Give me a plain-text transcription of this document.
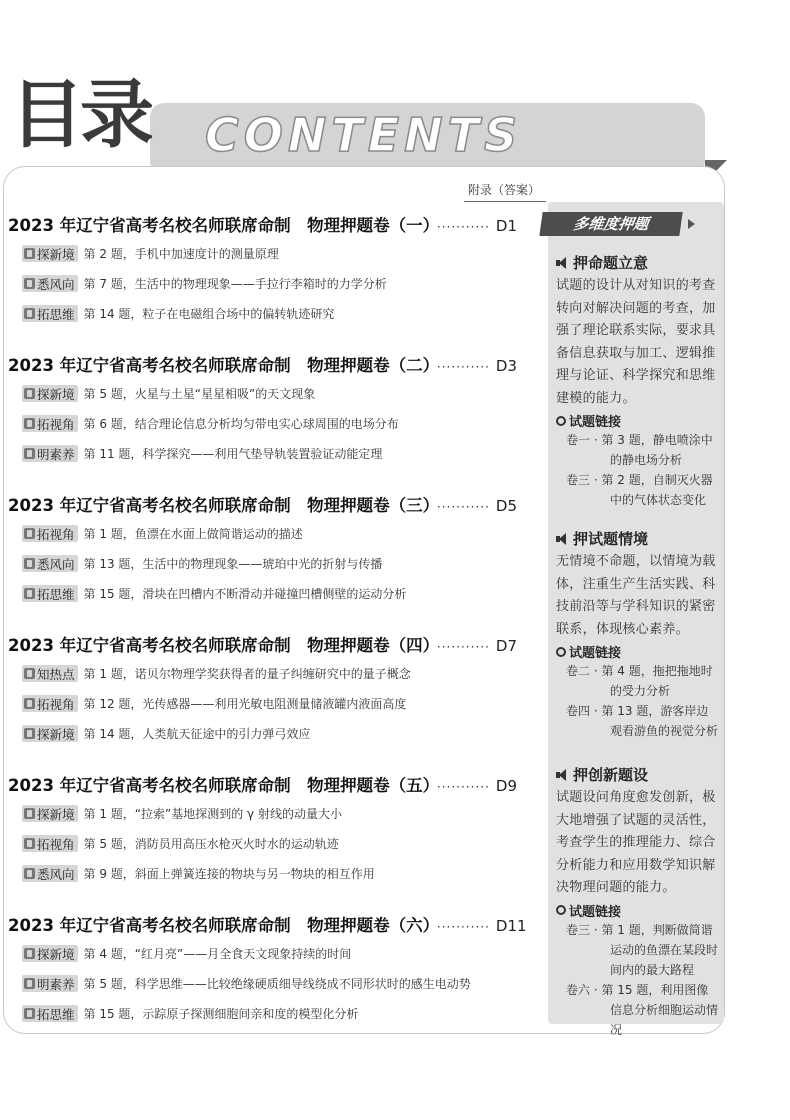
CONTENTS
目录
附录（答案）
2023 年辽宁省高考名校名师联席命制　物理押题卷（一） ··········· D1
探新境 第 2 题，手机中加速度计的测量原理
悉风向 第 7 题，生活中的物理现象——手拉行李箱时的力学分析
拓思维 第 14 题，粒子在电磁组合场中的偏转轨迹研究
2023 年辽宁省高考名校名师联席命制　物理押题卷（二） ··········· D3
探新境 第 5 题，火星与土星“星星相吸”的天文现象
拓视角 第 6 题，结合理论信息分析均匀带电实心球周围的电场分布
明素养 第 11 题，科学探究——利用气垫导轨装置验证动能定理
2023 年辽宁省高考名校名师联席命制　物理押题卷（三） ··········· D5
拓视角 第 1 题，鱼漂在水面上做简谐运动的描述
悉风向 第 13 题，生活中的物理现象——琥珀中光的折射与传播
拓思维 第 15 题，滑块在凹槽内不断滑动并碰撞凹槽侧壁的运动分析
2023 年辽宁省高考名校名师联席命制　物理押题卷（四） ··········· D7
知热点 第 1 题，诺贝尔物理学奖获得者的量子纠缠研究中的量子概念
拓视角 第 12 题，光传感器——利用光敏电阻测量储液罐内液面高度
探新境 第 14 题，人类航天征途中的引力弹弓效应
2023 年辽宁省高考名校名师联席命制　物理押题卷（五） ··········· D9
探新境 第 1 题，“拉索”基地探测到的 γ 射线的动量大小
拓视角 第 5 题，消防员用高压水枪灭火时水的运动轨迹
悉风向 第 9 题，斜面上弹簧连接的物块与另一物块的相互作用
2023 年辽宁省高考名校名师联席命制　物理押题卷（六） ··········· D11
探新境 第 4 题，“红月亮”——月全食天文现象持续的时间
明素养 第 5 题，科学思维——比较绝缘硬质细导线绕成不同形状时的感生电动势
拓思维 第 15 题，示踪原子探测细胞间亲和度的模型化分析
多维度押题
押命题立意
试题的设计从对知识的考查转向对解决问题的考查，加强了理论联系实际，要求具备信息获取与加工、逻辑推理与论证、科学探究和思维建模的能力。
试题链接
卷一 · 第 3 题，静电喷涂中的静电场分析
卷三 · 第 2 题，自制灭火器中的气体状态变化
押试题情境
无情境不命题，以情境为载体，注重生产生活实践、科技前沿等与学科知识的紧密联系，体现核心素养。
试题链接
卷二 · 第 4 题，拖把拖地时的受力分析
卷四 · 第 13 题，游客岸边观看游鱼的视觉分析
押创新题设
试题设问角度愈发创新，极大地增强了试题的灵活性，考查学生的推理能力、综合分析能力和应用数学知识解决物理问题的能力。
试题链接
卷三 · 第 1 题，判断做简谐运动的鱼漂在某段时间内的最大路程
卷六 · 第 15 题，利用图像信息分析细胞运动情况
